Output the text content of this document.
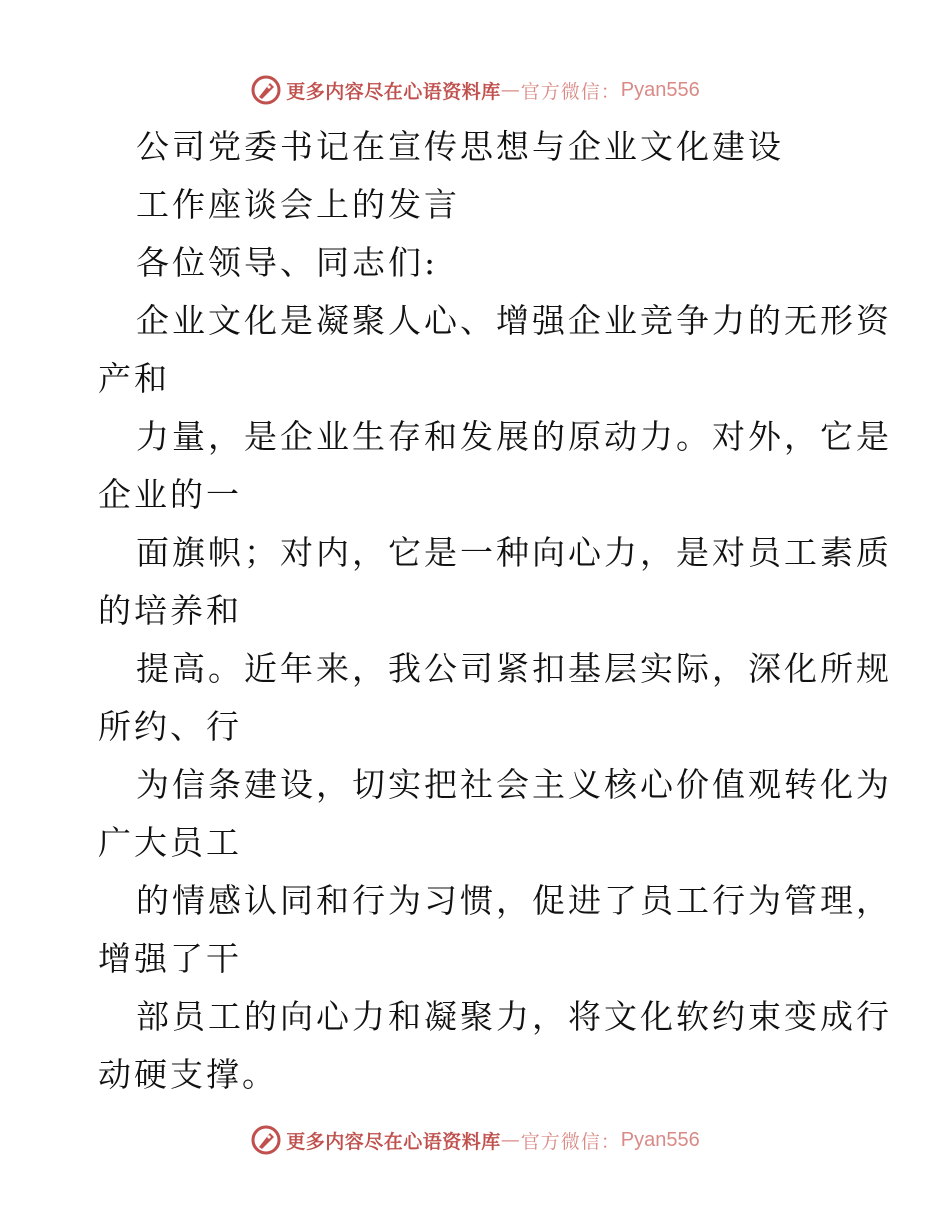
更多内容尽在心语资料库 — 官方微信： Pyan556
公司党委书记在宣传思想与企业文化建设
工作座谈会上的发言
各位领导、同志们:
企业文化是凝聚人心、增强企业竞争力的无形资
产和
力量，是企业生存和发展的原动力。对外，它是
企业的一
面旗帜；对内，它是一种向心力，是对员工素质
的培养和
提高。近年来，我公司紧扣基层实际，深化所规
所约、行
为信条建设，切实把社会主义核心价值观转化为
广大员工
的情感认同和行为习惯，促进了员工行为管理，
增强了干
部员工的向心力和凝聚力，将文化软约束变成行
动硬支撑。
更多内容尽在心语资料库 — 官方微信： Pyan556
